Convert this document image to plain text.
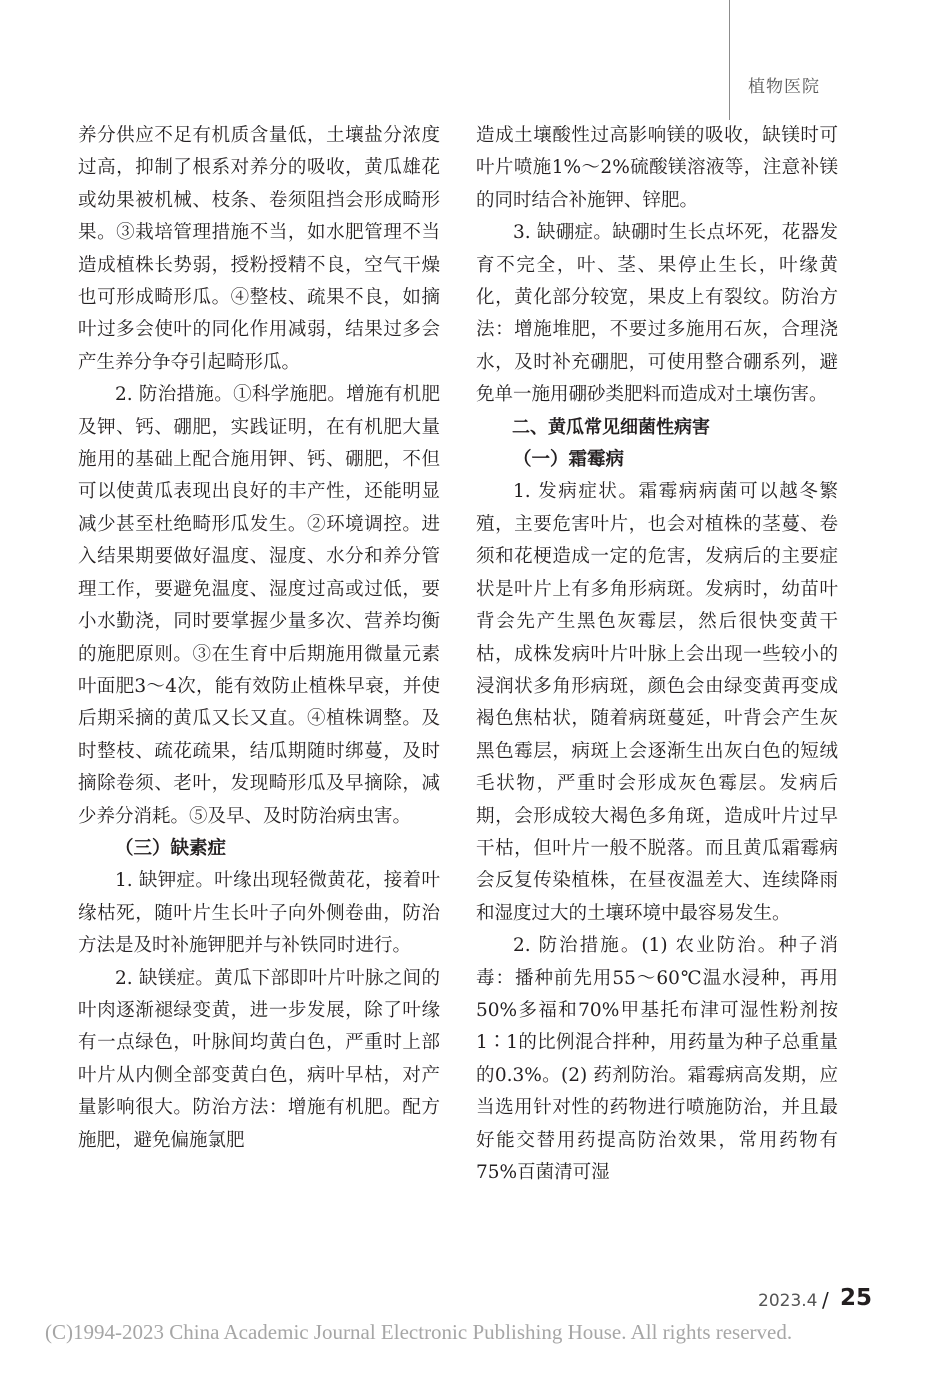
植物医院

养分供应不足有机质含量低，土壤盐分浓度过高，抑制了根系对养分的吸收，黄瓜雄花或幼果被机械、枝条、卷须阻挡会形成畸形果。③栽培管理措施不当，如水肥管理不当造成植株长势弱，授粉授精不良，空气干燥也可形成畸形瓜。④整枝、疏果不良，如摘叶过多会使叶的同化作用减弱，结果过多会产生养分争夺引起畸形瓜。

2. 防治措施。①科学施肥。增施有机肥及钾、钙、硼肥，实践证明，在有机肥大量施用的基础上配合施用钾、钙、硼肥，不但可以使黄瓜表现出良好的丰产性，还能明显减少甚至杜绝畸形瓜发生。②环境调控。进入结果期要做好温度、湿度、水分和养分管理工作，要避免温度、湿度过高或过低，要小水勤浇，同时要掌握少量多次、营养均衡的施肥原则。③在生育中后期施用微量元素叶面肥3～4次，能有效防止植株早衰，并使后期采摘的黄瓜又长又直。④植株调整。及时整枝、疏花疏果，结瓜期随时绑蔓，及时摘除卷须、老叶，发现畸形瓜及早摘除，减少养分消耗。⑤及早、及时防治病虫害。

（三）缺素症

1. 缺钾症。叶缘出现轻微黄花，接着叶缘枯死，随叶片生长叶子向外侧卷曲，防治方法是及时补施钾肥并与补铁同时进行。

2. 缺镁症。黄瓜下部即叶片叶脉之间的叶肉逐渐褪绿变黄，进一步发展，除了叶缘有一点绿色，叶脉间均黄白色，严重时上部叶片从内侧全部变黄白色，病叶早枯，对产量影响很大。防治方法：增施有机肥。配方施肥，避免偏施氯肥

造成土壤酸性过高影响镁的吸收，缺镁时可叶片喷施1%～2%硫酸镁溶液等，注意补镁的同时结合补施钾、锌肥。

3. 缺硼症。缺硼时生长点坏死，花器发育不完全，叶、茎、果停止生长，叶缘黄化，黄化部分较宽，果皮上有裂纹。防治方法：增施堆肥，不要过多施用石灰，合理浇水，及时补充硼肥，可使用整合硼系列，避免单一施用硼砂类肥料而造成对土壤伤害。

二、黄瓜常见细菌性病害

（一）霜霉病

1. 发病症状。霜霉病病菌可以越冬繁殖，主要危害叶片，也会对植株的茎蔓、卷须和花梗造成一定的危害，发病后的主要症状是叶片上有多角形病斑。发病时，幼苗叶背会先产生黑色灰霉层，然后很快变黄干枯，成株发病叶片叶脉上会出现一些较小的浸润状多角形病斑，颜色会由绿变黄再变成褐色焦枯状，随着病斑蔓延，叶背会产生灰黑色霉层，病斑上会逐渐生出灰白色的短绒毛状物，严重时会形成灰色霉层。发病后期，会形成较大褐色多角斑，造成叶片过早干枯，但叶片一般不脱落。而且黄瓜霜霉病会反复传染植株，在昼夜温差大、连续降雨和湿度过大的土壤环境中最容易发生。

2. 防治措施。(1) 农业防治。种子消毒：播种前先用55～60℃温水浸种，再用50%多福和70%甲基托布津可湿性粉剂按1∶1的比例混合拌种，用药量为种子总重量的0.3%。(2) 药剂防治。霜霉病高发期，应当选用针对性的药物进行喷施防治，并且最好能交替用药提高防治效果，常用药物有75%百菌清可湿

2023.4 / 25
(C)1994-2023 China Academic Journal Electronic Publishing House. All rights reserved.
